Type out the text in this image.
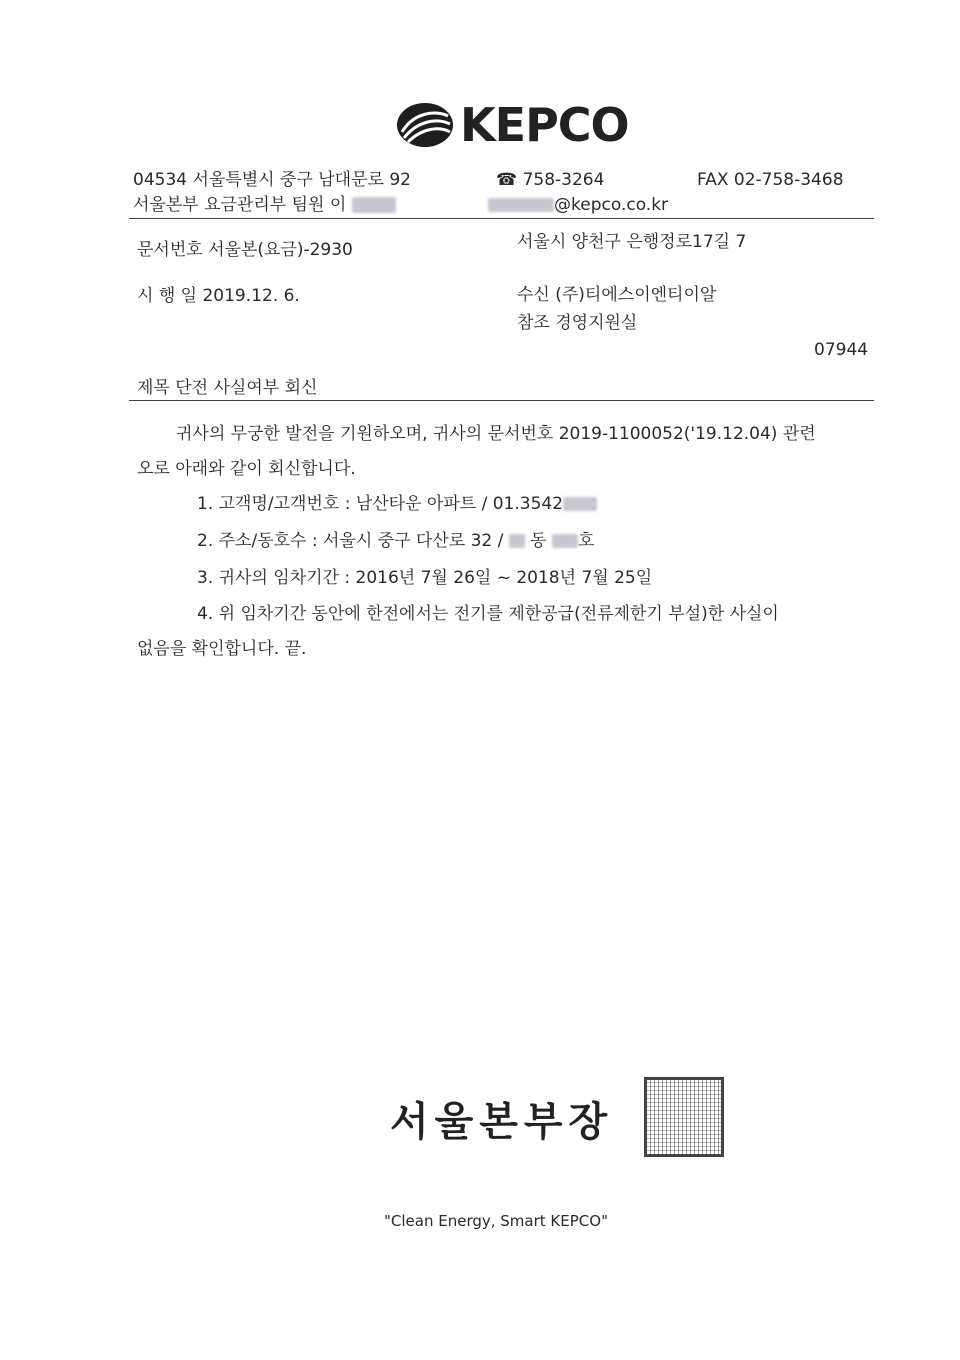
KEPCO
04534 서울특별시 중구 남대문로 92	☎ 758-3264	FAX 02-758-3468
서울본부 요금관리부 팀원 이	@kepco.co.kr
문서번호 서울본(요금)-2930	서울시 양천구 은행정로17길 7
시 행 일 2019.12. 6.	수신 (주)티에스이엔티이알
참조 경영지원실
07944
제목 단전 사실여부 회신
귀사의 무궁한 발전을 기원하오며, 귀사의 문서번호 2019-1100052('19.12.04) 관련
오로 아래와 같이 회신합니다.
1. 고객명/고객번호 : 남산타운 아파트 / 01.3542
2. 주소/동호수 : 서울시 중구 다산로 32 / 동 호
3. 귀사의 임차기간 : 2016년 7월 26일 ~ 2018년 7월 25일
4. 위 임차기간 동안에 한전에서는 전기를 제한공급(전류제한기 부설)한 사실이
없음을 확인합니다. 끝.
서울본부장
"Clean Energy, Smart KEPCO"
